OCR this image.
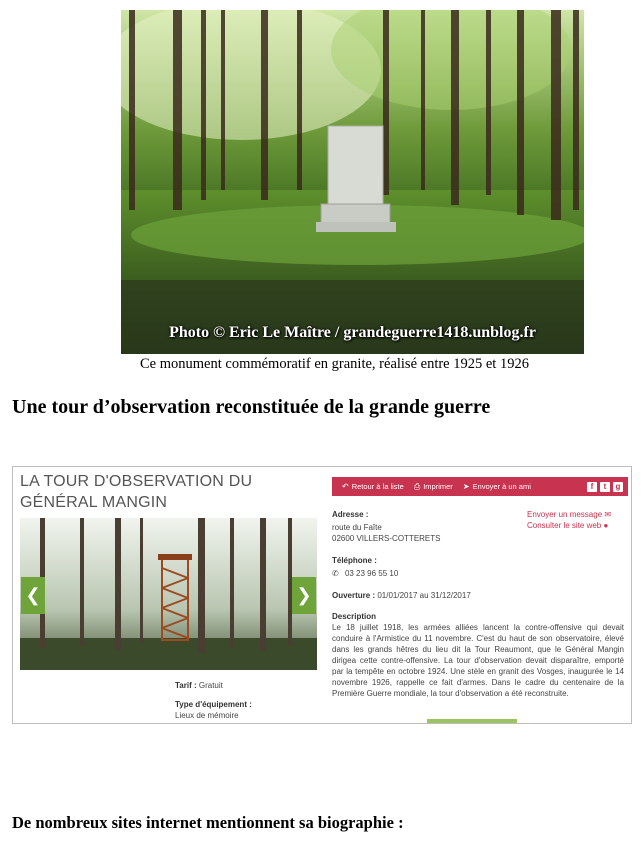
Photo © Eric Le Maître / grandeguerre1418.unblog.fr
Ce monument commémoratif en granite, réalisé entre 1925 et 1926
Une tour d’observation reconstituée de la grande guerre
LA TOUR D'OBSERVATION DU
GÉNÉRAL MANGIN
❮	❯
Tarif : Gratuit
Type d'équipement :
Lieux de mémoire
↶ Retour à la liste ⎙ Imprimer ➤ Envoyer à un ami	f	t	g
Adresse :
route du Faîte
02600 VILLERS-COTTERETS
Téléphone :
✆ 03 23 96 55 10
Ouverture : 01/01/2017 au 31/12/2017
Description
Le 18 juillet 1918, les armées alliées lancent la contre-offensive qui devait conduire à l'Armistice du 11 novembre. C'est du haut de son observatoire, élevé dans les grands hêtres du lieu dit la Tour Reaumont, que le Général Mangin dirigea cette contre-offensive. La tour d'observation devait disparaître, emporté par la tempête en octobre 1924. Une stèle en granit des Vosges, inaugurée le 14 novembre 1926, rappelle ce fait d'armes. Dans le cadre du centenaire de la Première Guerre mondiale, la tour d'observation a été reconstruite.
Envoyer un message ✉
Consulter le site web ●
De nombreux sites internet mentionnent sa biographie :
